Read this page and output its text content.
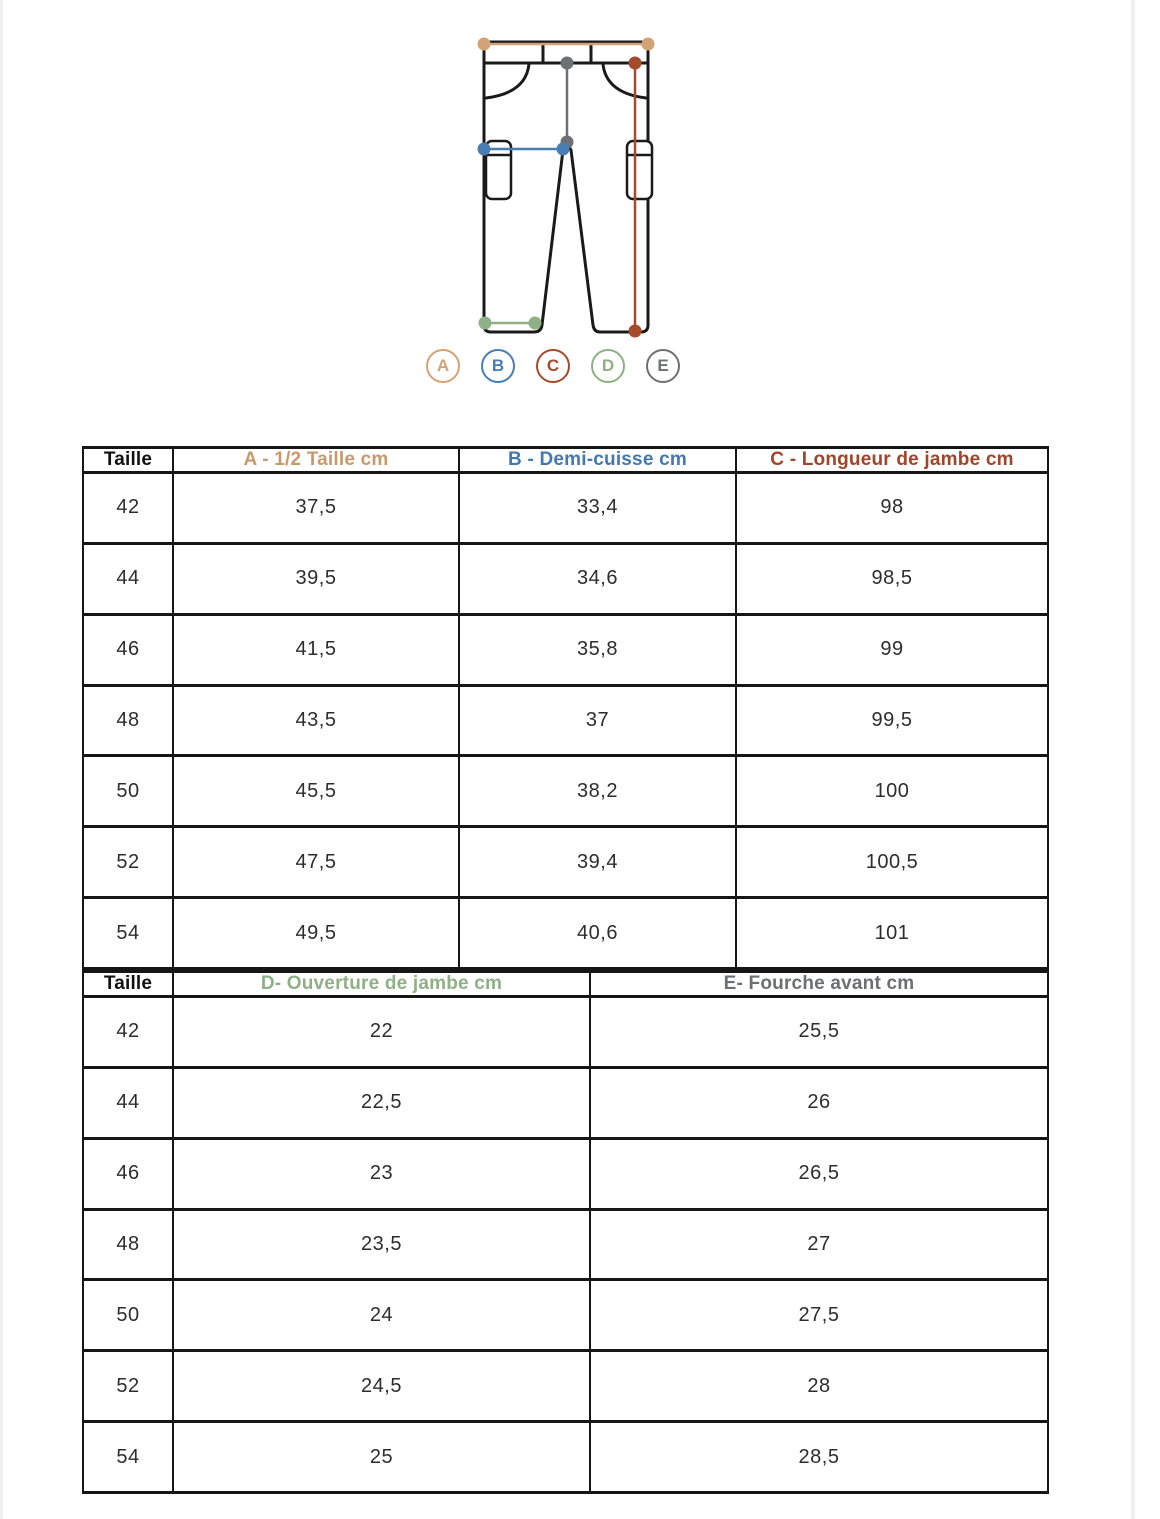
A	B	C	D	E
Taille	A - 1/2 Taille cm	B - Demi-cuisse cm	C - Longueur de jambe cm
42	37,5	33,4	98
44	39,5	34,6	98,5
46	41,5	35,8	99
48	43,5	37	99,5
50	45,5	38,2	100
52	47,5	39,4	100,5
54	49,5	40,6	101
Taille	D- Ouverture de jambe cm	E- Fourche avant cm
42	22	25,5
44	22,5	26
46	23	26,5
48	23,5	27
50	24	27,5
52	24,5	28
54	25	28,5
